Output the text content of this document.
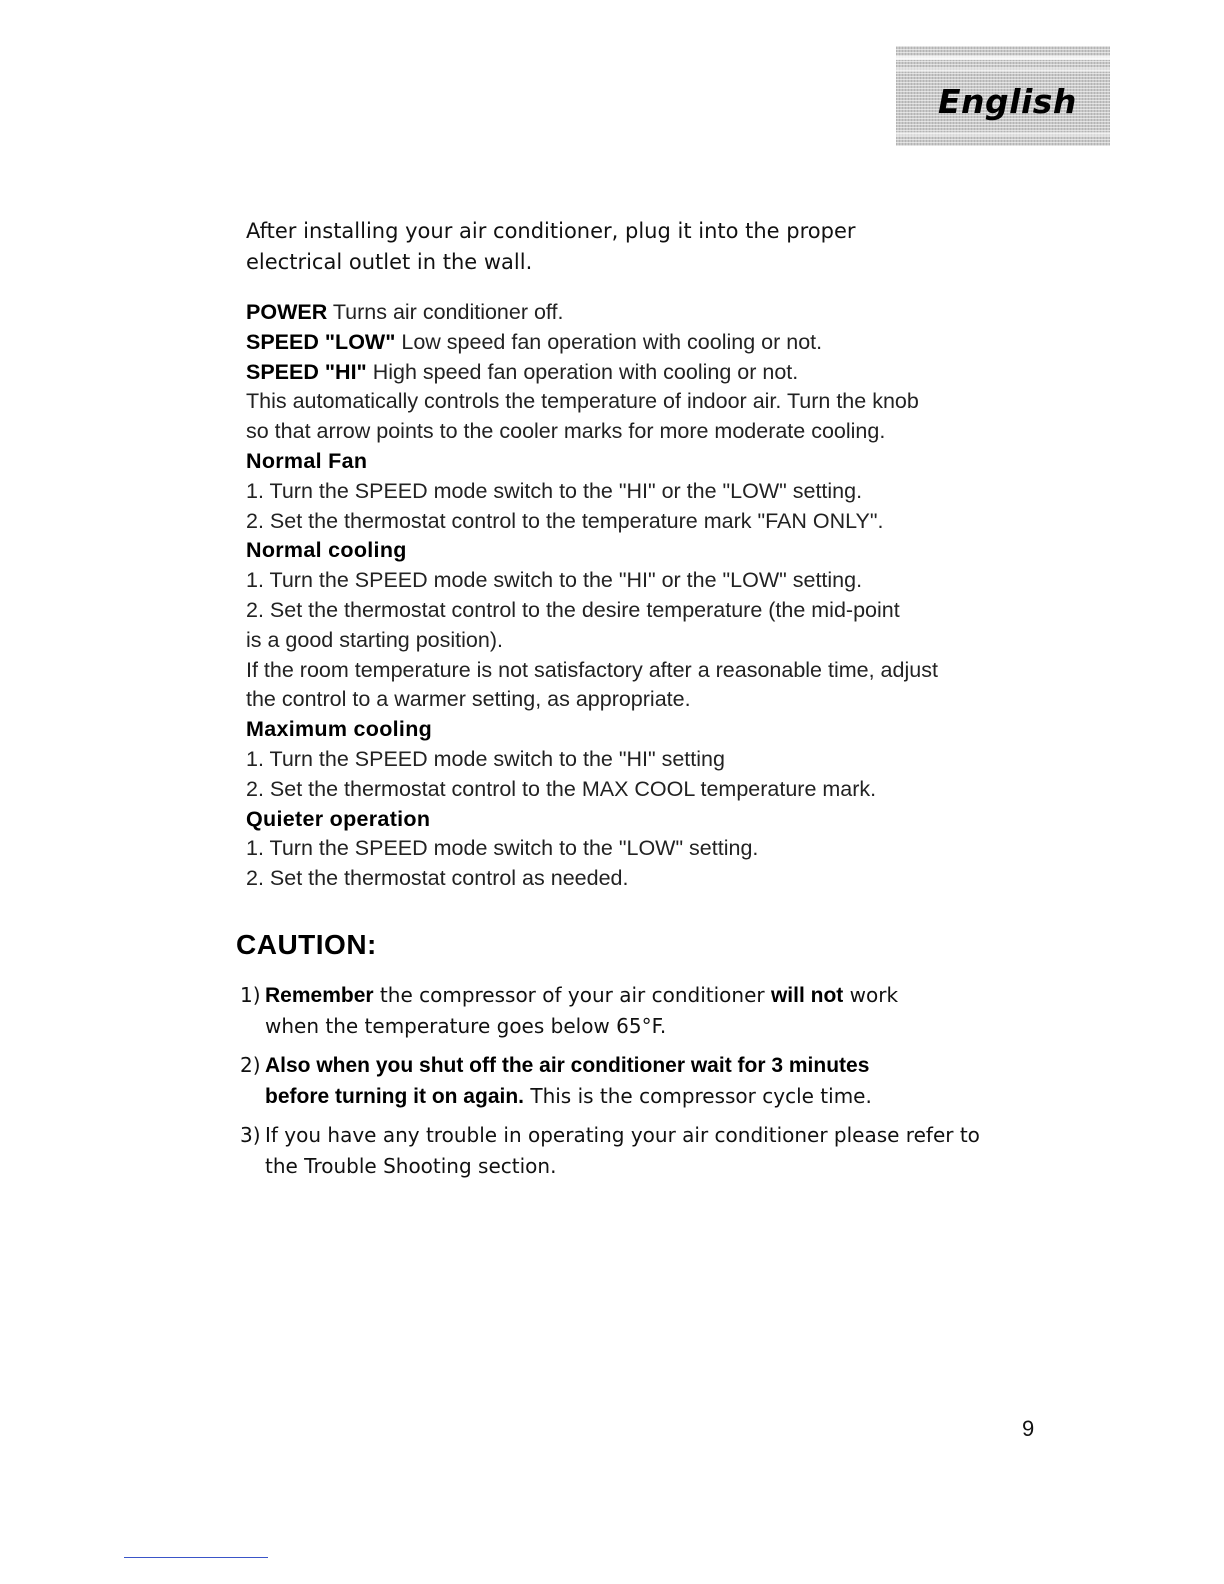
English
After installing your air conditioner, plug it into the proper
electrical outlet in the wall.
POWER Turns air conditioner off.
SPEED "LOW" Low speed fan operation with cooling or not.
SPEED "HI" High speed fan operation with cooling or not.
This automatically controls the temperature of indoor air. Turn the knob
so that arrow points to the cooler marks for more moderate cooling.
Normal Fan
1. Turn the SPEED mode switch to the "HI" or the "LOW" setting.
2. Set the thermostat control to the temperature mark "FAN ONLY".
Normal cooling
1. Turn the SPEED mode switch to the "HI" or the "LOW" setting.
2. Set the thermostat control to the desire temperature (the mid-point
is a good starting position).
If the room temperature is not satisfactory after a reasonable time, adjust
the control to a warmer setting, as appropriate.
Maximum cooling
1. Turn the SPEED mode switch to the "HI" setting
2. Set the thermostat control to the MAX COOL temperature mark.
Quieter operation
1. Turn the SPEED mode switch to the "LOW" setting.
2. Set the thermostat control as needed.
CAUTION:
1) Remember the compressor of your air conditioner will not work
when the temperature goes below 65°F.
2) Also when you shut off the air conditioner wait for 3 minutes
before turning it on again. This is the compressor cycle time.
3) If you have any trouble in operating your air conditioner please refer to
the Trouble Shooting section.
9
